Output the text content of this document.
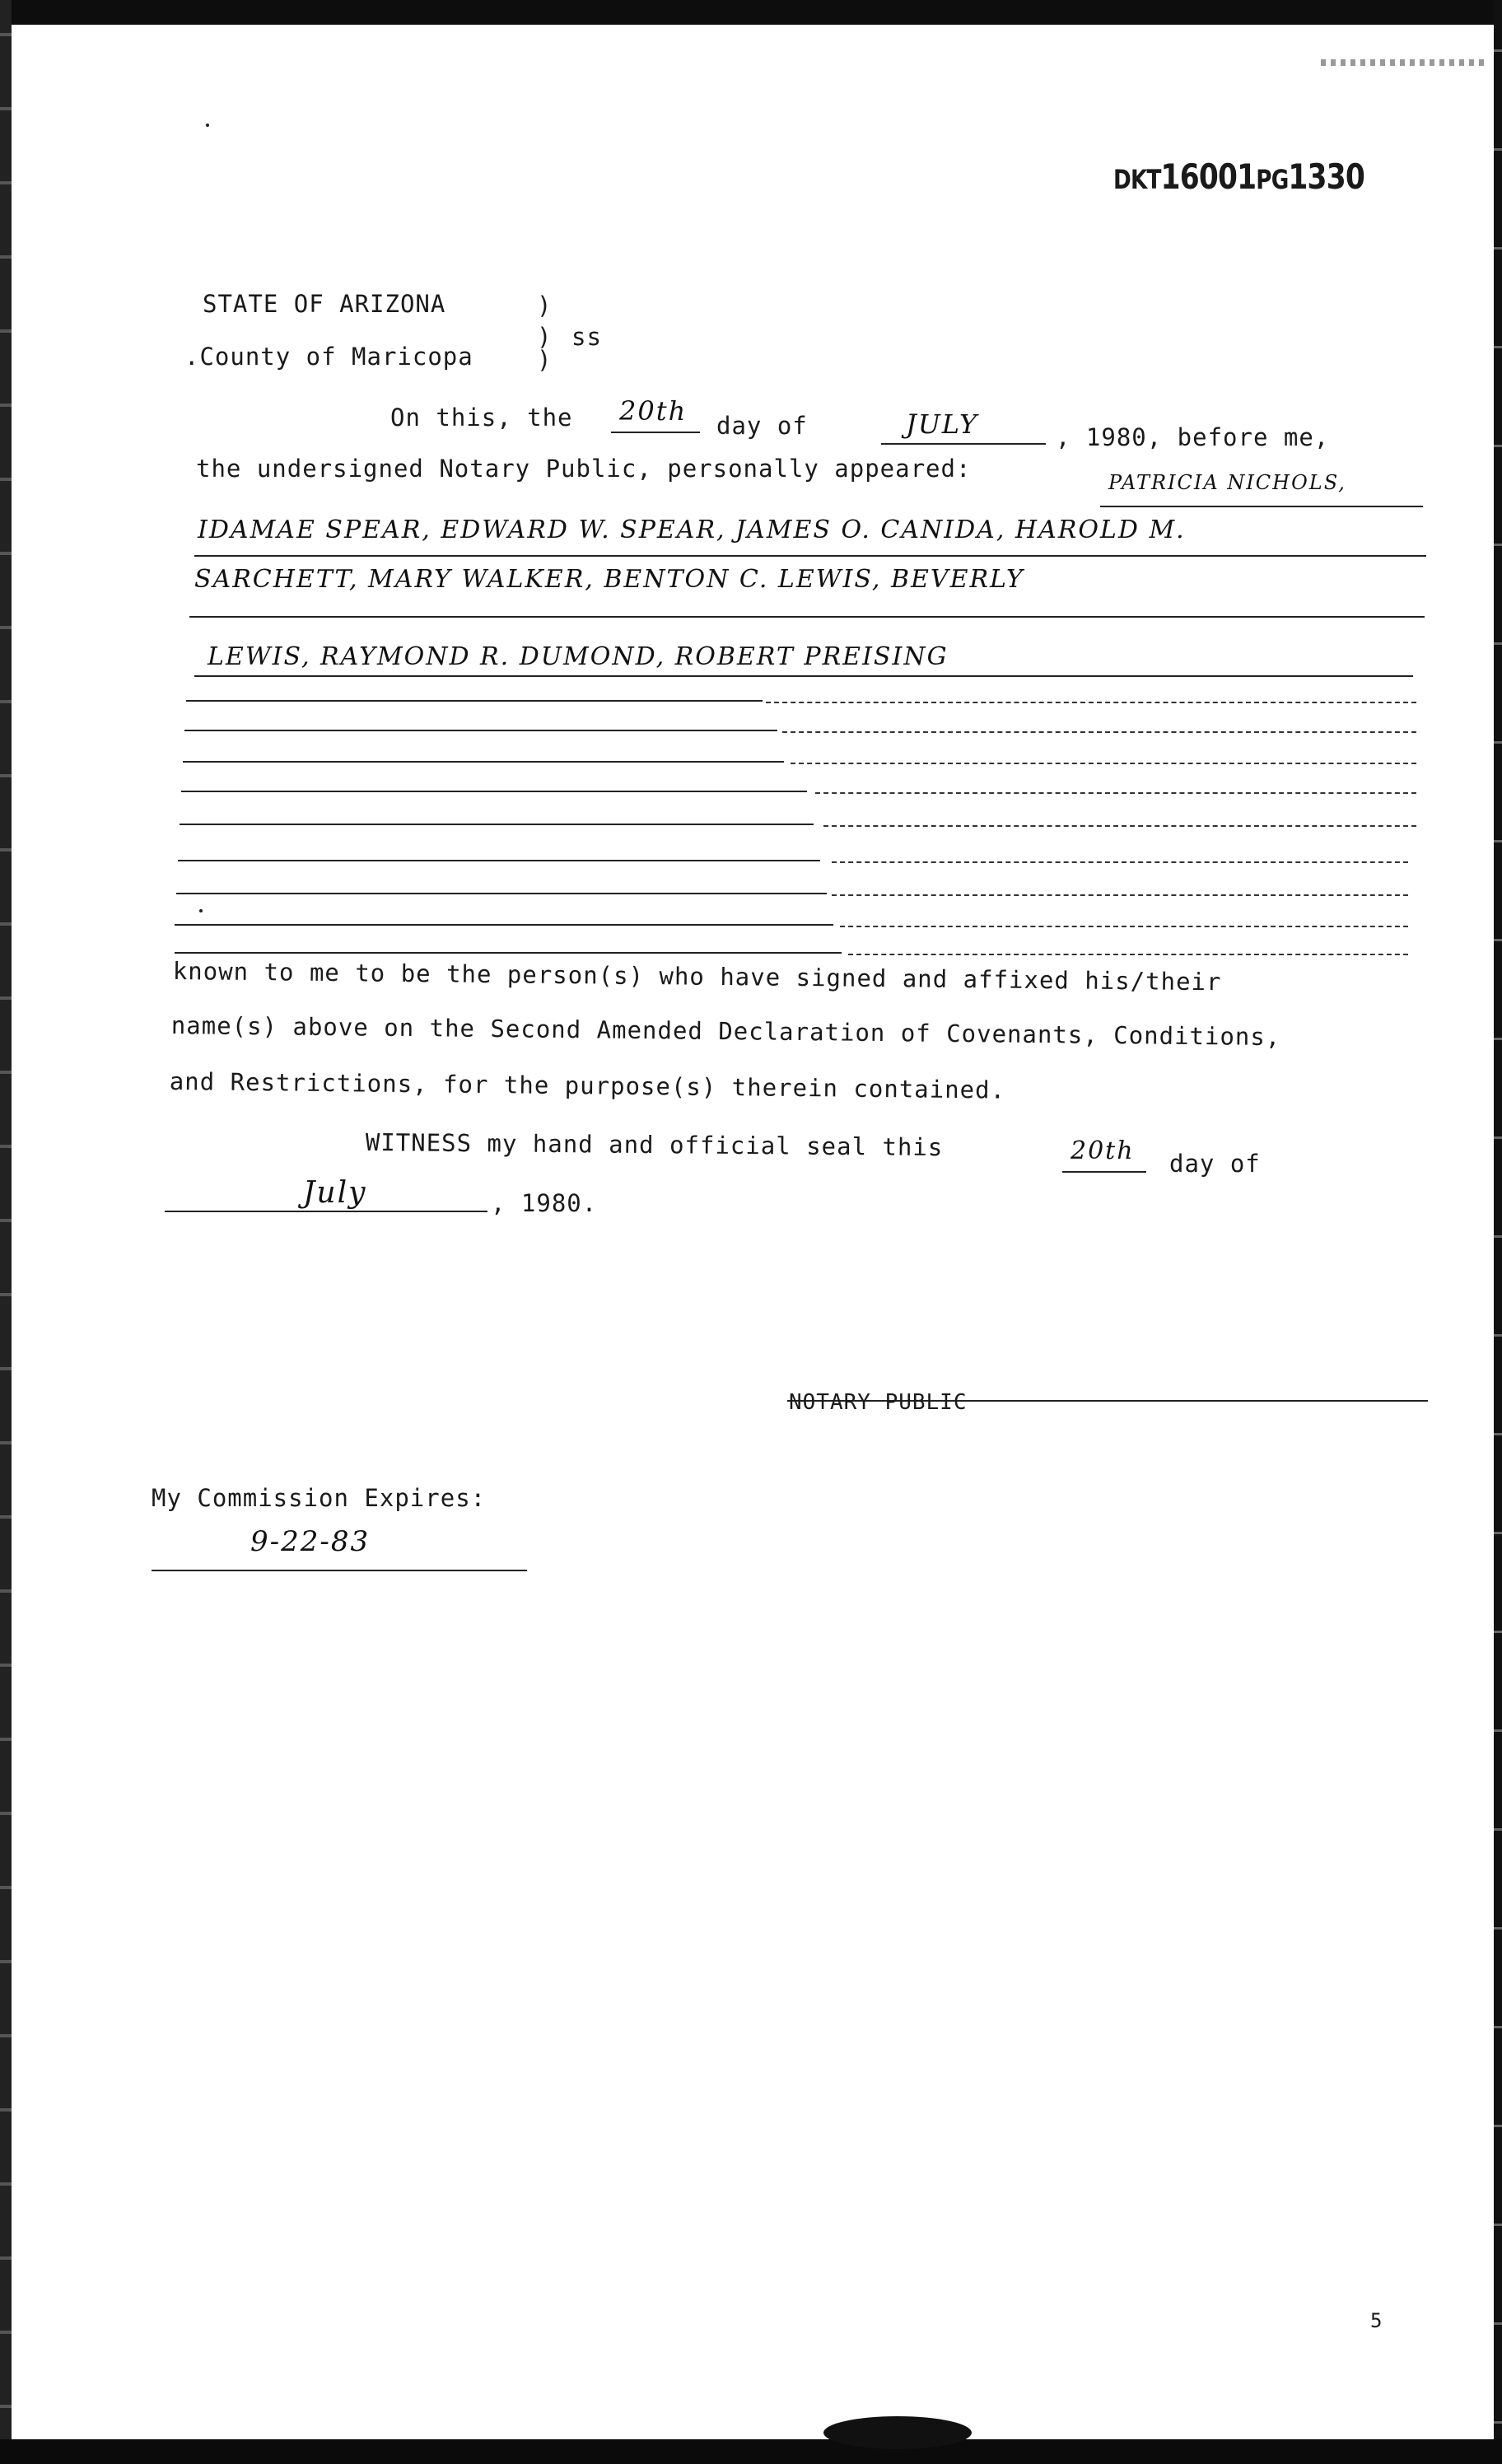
DKT16001PG1330
STATE OF ARIZONA	)
) ss
.County of Maricopa	)
On this, the 20th day of	JULY	, 1980, before me,
the undersigned Notary Public, personally appeared:	PATRICIA NICHOLS,
IDAMAE SPEAR, EDWARD W. SPEAR, JAMES O. CANIDA, HAROLD M.
SARCHETT, MARY WALKER, BENTON C. LEWIS, BEVERLY
LEWIS, RAYMOND R. DUMOND, ROBERT PREISING
known to me to be the person(s) who have signed and affixed his/their
name(s) above on the Second Amended Declaration of Covenants, Conditions,
and Restrictions, for the purpose(s) therein contained.
WITNESS my hand and official seal this	20th day of
July	, 1980.
NOTARY PUBLIC
My Commission Expires:
9-22-83
5
